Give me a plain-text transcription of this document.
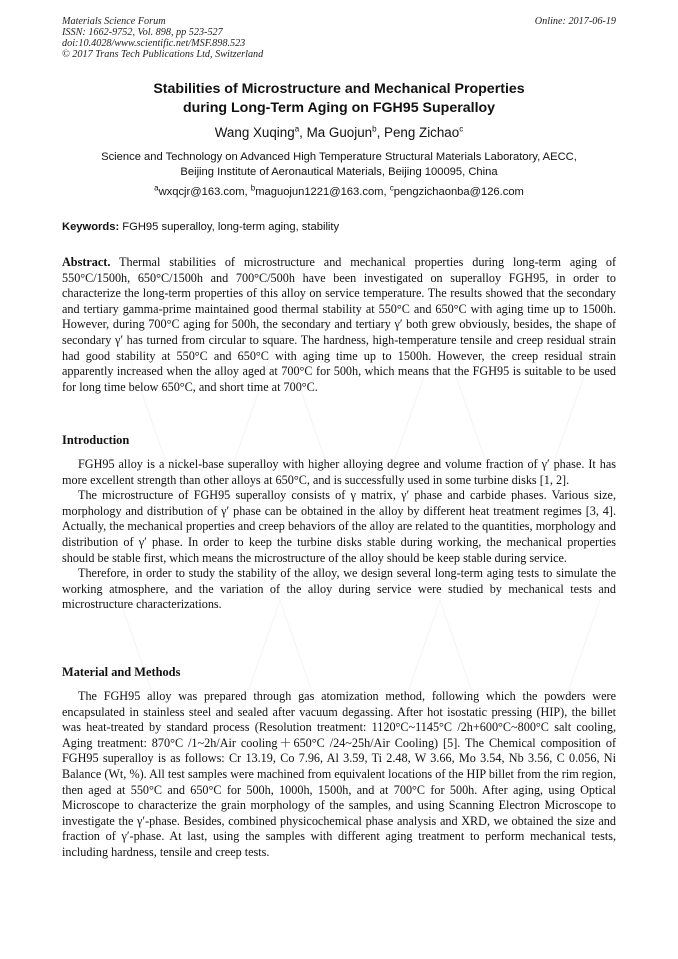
Materials Science Forum
ISSN: 1662-9752, Vol. 898, pp 523-527
doi:10.4028/www.scientific.net/MSF.898.523
© 2017 Trans Tech Publications Ltd, Switzerland
Online: 2017-06-19
Stabilities of Microstructure and Mechanical Properties
during Long-Term Aging on FGH95 Superalloy
Wang Xuqing$^a$, Ma Guojun$^b$, Peng Zichao$^c$
Science and Technology on Advanced High Temperature Structural Materials Laboratory, AECC,
Beijing Institute of Aeronautical Materials, Beijing 100095, China
$^a$wxqcjr@163.com, $^b$maguojun1221@163.com, $^c$pengzichaonba@126.com
Keywords: FGH95 superalloy, long-term aging, stability

Abstract. Thermal stabilities of microstructure and mechanical properties during long-term aging of 550°C/1500h, 650°C/1500h and 700°C/500h have been investigated on superalloy FGH95, in order to characterize the long-term properties of this alloy on service temperature. The results showed that the secondary and tertiary gamma-prime maintained good thermal stability at 550°C and 650°C with aging time up to 1500h. However, during 700°C aging for 500h, the secondary and tertiary γ′ both grew obviously, besides, the shape of secondary γ′ has turned from circular to square. The hardness, high-temperature tensile and creep residual strain had good stability at 550°C and 650°C with aging time up to 1500h. However, the creep residual strain apparently increased when the alloy aged at 700°C for 500h, which means that the FGH95 is suitable to be used for long time below 650°C, and short time at 700°C.

Introduction

FGH95 alloy is a nickel-base superalloy with higher alloying degree and volume fraction of γ′ phase. It has more excellent strength than other alloys at 650°C, and is successfully used in some turbine disks [1, 2].

The microstructure of FGH95 superalloy consists of γ matrix, γ′ phase and carbide phases. Various size, morphology and distribution of γ′ phase can be obtained in the alloy by different heat treatment regimes [3, 4]. Actually, the mechanical properties and creep behaviors of the alloy are related to the quantities, morphology and distribution of γ′ phase. In order to keep the turbine disks stable during working, the mechanical properties should be stable first, which means the microstructure of the alloy should be keep stable during service.

Therefore, in order to study the stability of the alloy, we design several long-term aging tests to simulate the working atmosphere, and the variation of the alloy during service were studied by mechanical tests and microstructure characterizations.

Material and Methods

The FGH95 alloy was prepared through gas atomization method, following which the powders were encapsulated in stainless steel and sealed after vacuum degassing. After hot isostatic pressing (HIP), the billet was heat-treated by standard process (Resolution treatment: 1120°C~1145°C /2h+600°C~800°C salt cooling, Aging treatment: 870°C /1~2h/Air cooling＋650°C /24~25h/Air Cooling) [5]. The Chemical composition of FGH95 superalloy is as follows: Cr 13.19, Co 7.96, Al 3.59, Ti 2.48, W 3.66, Mo 3.54, Nb 3.56, C 0.056, Ni Balance (Wt, %). All test samples were machined from equivalent locations of the HIP billet from the rim region, then aged at 550°C and 650°C for 500h, 1000h, 1500h, and at 700°C for 500h. After aging, using Optical Microscope to characterize the grain morphology of the samples, and using Scanning Electron Microscope to investigate the γ′-phase. Besides, combined physicochemical phase analysis and XRD, we obtained the size and fraction of γ′-phase. At last, using the samples with different aging treatment to perform mechanical tests, including hardness, tensile and creep tests.
